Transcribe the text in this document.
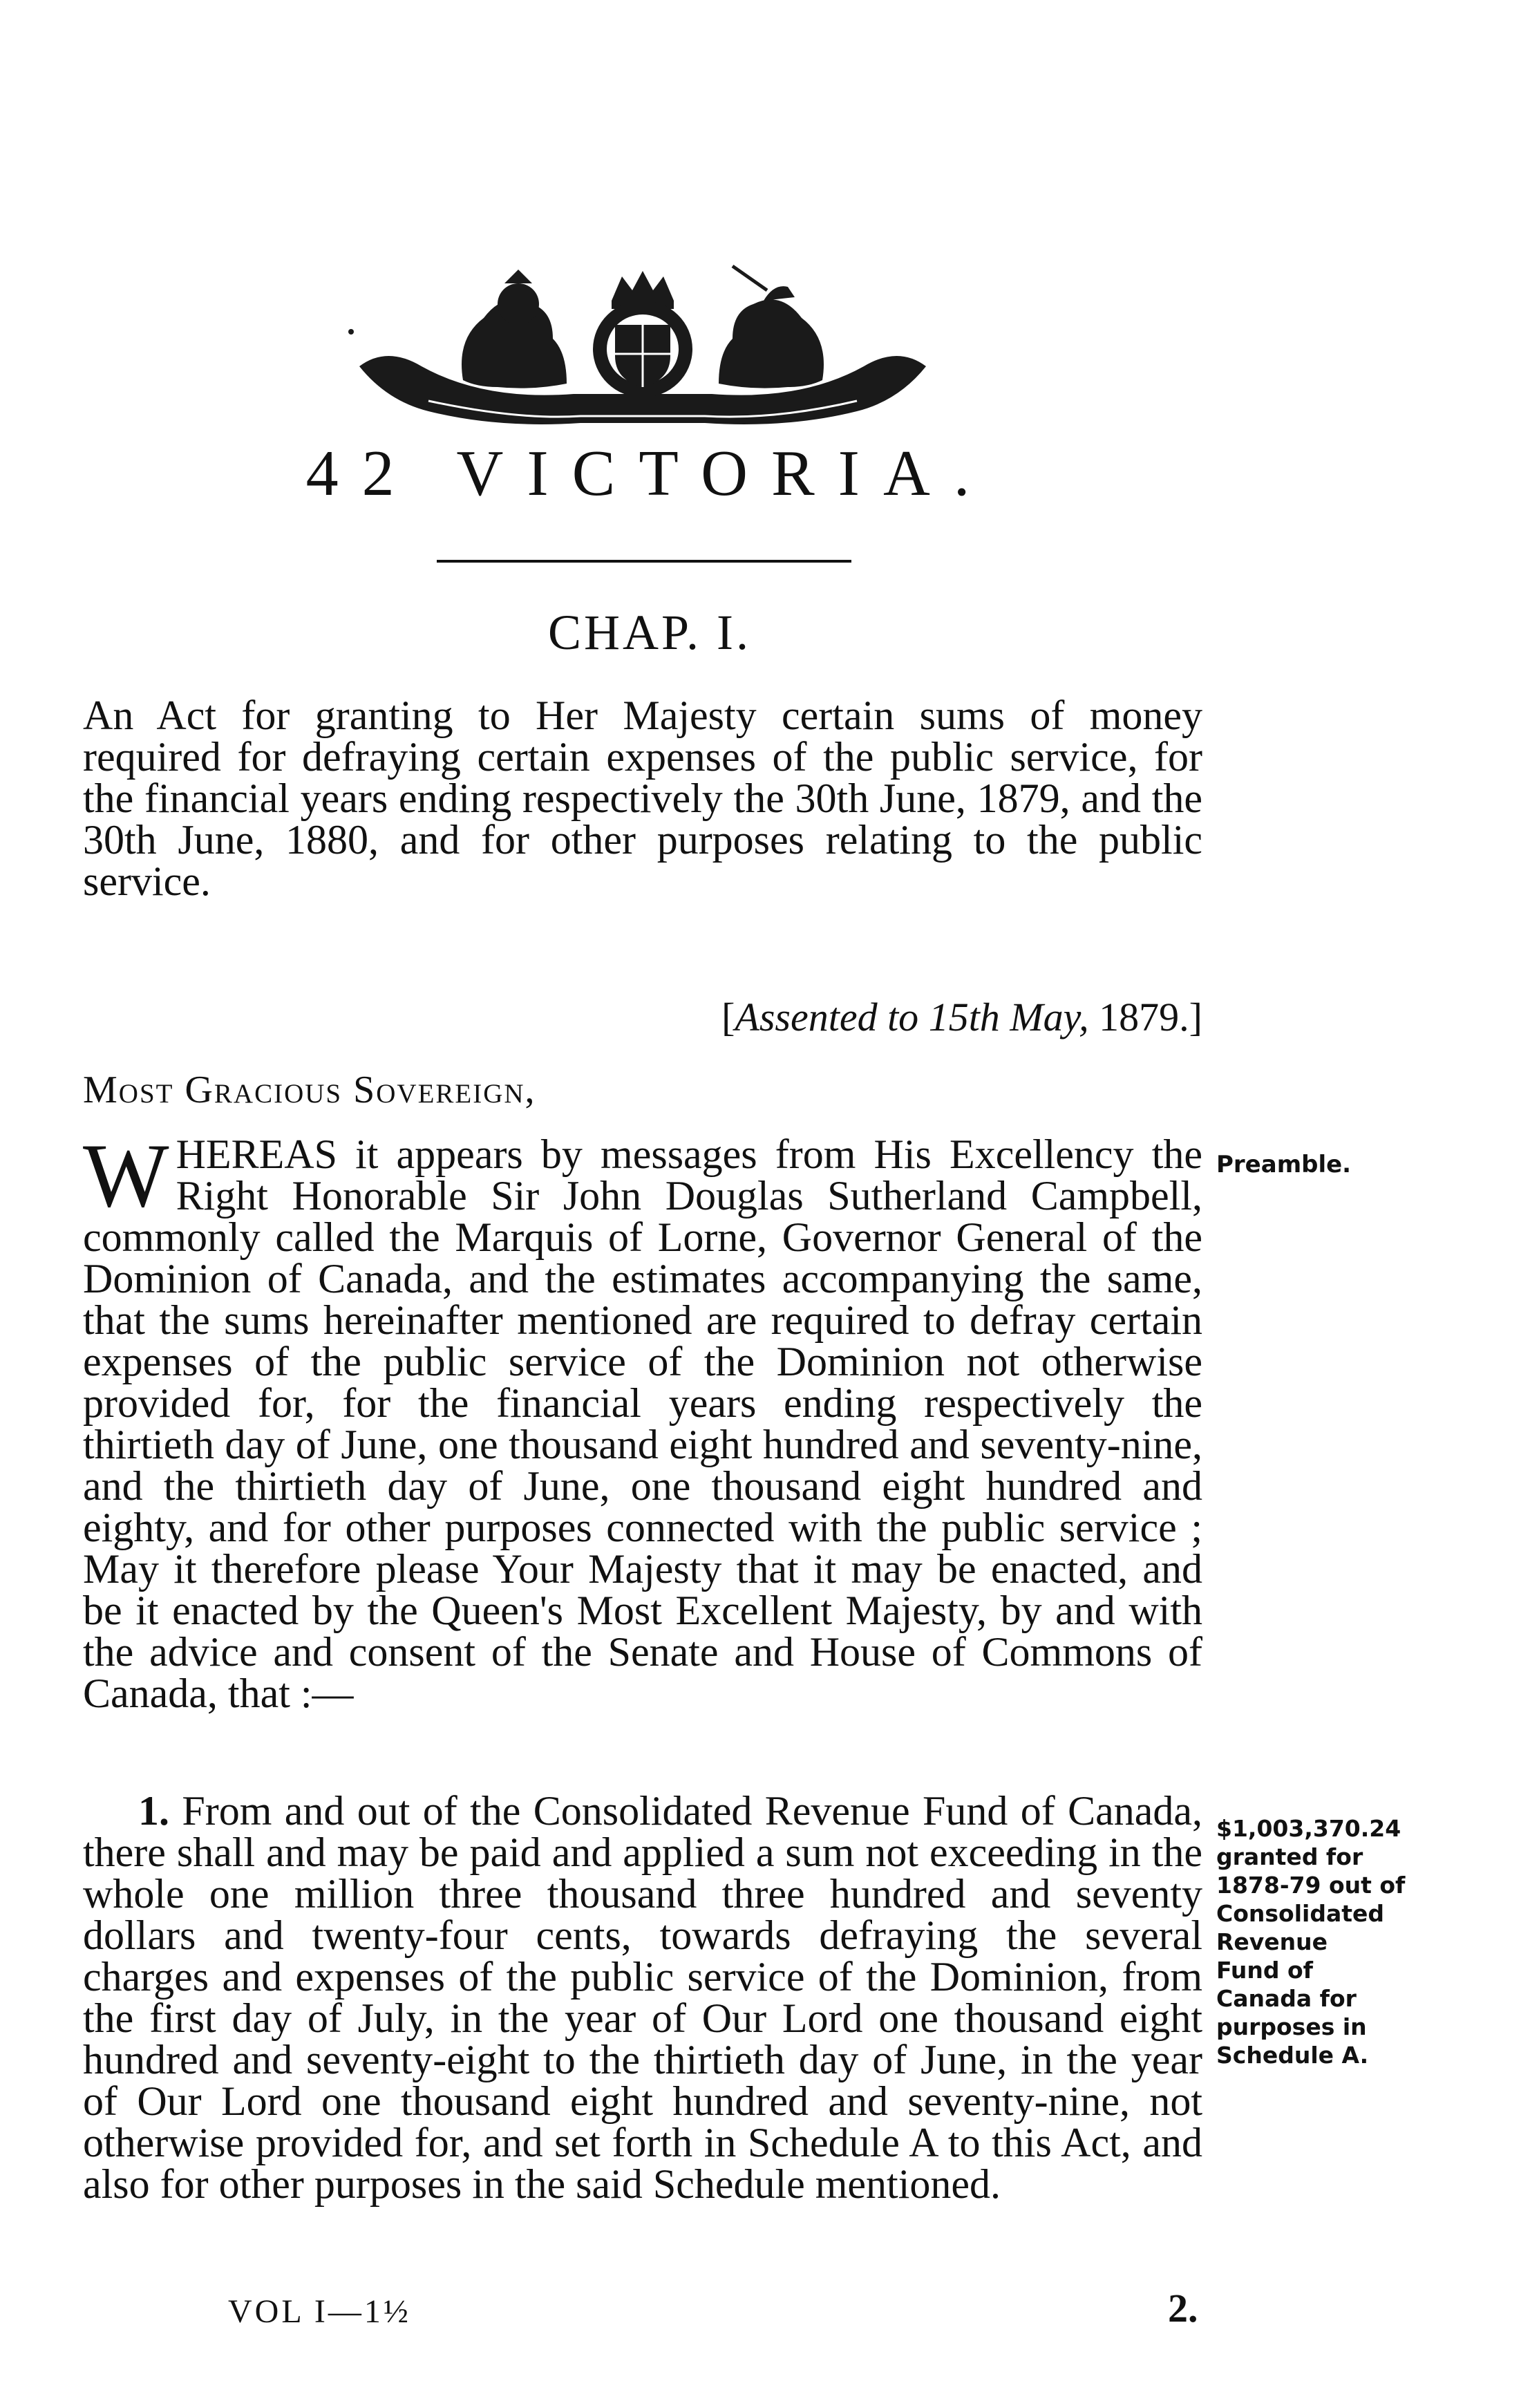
42 VICTORIA.
CHAP. I.

An Act for granting to Her Majesty certain sums of money required for defraying certain expenses of the public service, for the financial years ending respectively the 30th June, 1879, and the 30th June, 1880, and for other purposes relating to the public service.

[Assented to 15th May, 1879.]
Most Gracious Sovereign,

WHEREAS it appears by messages from His Excellency the Right Honorable Sir John Douglas Sutherland Campbell, commonly called the Marquis of Lorne, Governor General of the Dominion of Canada, and the estimates accompanying the same, that the sums hereinafter mentioned are required to defray certain expenses of the public service of the Dominion not otherwise provided for, for the financial years ending respectively the thirtieth day of June, one thousand eight hundred and seventy-nine, and the thirtieth day of June, one thousand eight hundred and eighty, and for other purposes connected with the public service ; May it therefore please Your Majesty that it may be enacted, and be it enacted by the Queen's Most Excellent Majesty, by and with the advice and consent of the Senate and House of Commons of Canada, that :—

Preamble.

1. From and out of the Consolidated Revenue Fund of Canada, there shall and may be paid and applied a sum not exceeding in the whole one million three thousand three hundred and seventy dollars and twenty-four cents, towards defraying the several charges and expenses of the public service of the Dominion, from the first day of July, in the year of Our Lord one thousand eight hundred and seventy-eight to the thirtieth day of June, in the year of Our Lord one thousand eight hundred and seventy-nine, not otherwise provided for, and set forth in Schedule A to this Act, and also for other purposes in the said Schedule mentioned.

$1,003,370.24
granted for
1878-79 out of
Consolidated
Revenue
Fund of
Canada for
purposes in
Schedule A.
VOL I—1½	2.
